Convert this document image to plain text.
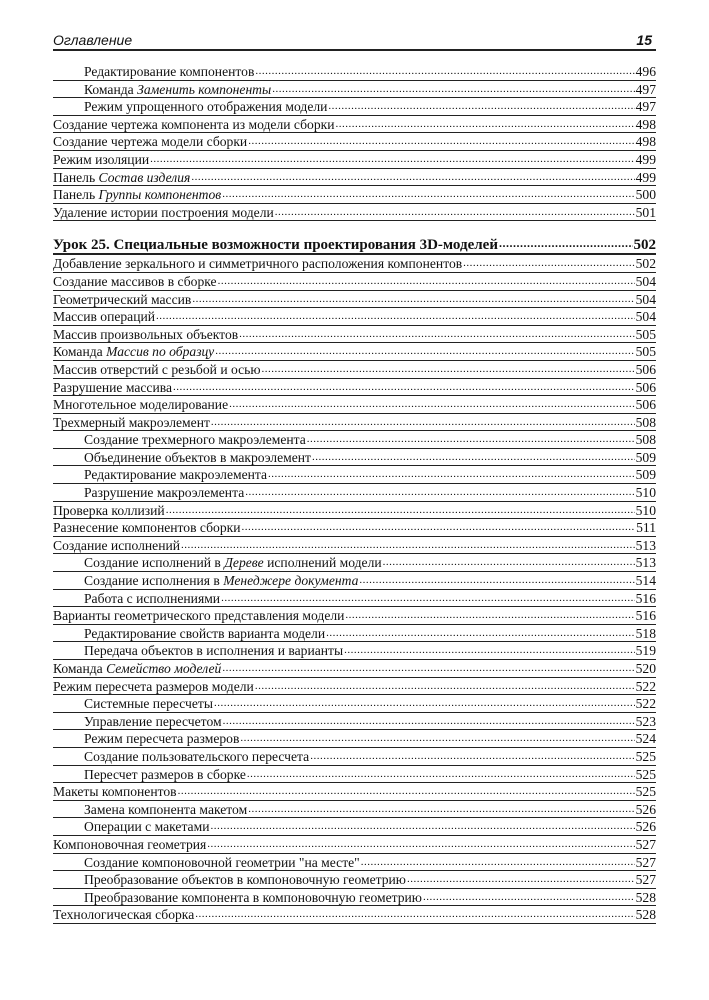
Оглавление	15
Редактирование компонентов .....	496
Команда Заменить компоненты .....	497
Режим упрощенного отображения модели .....	497
Создание чертежа компонента из модели сборки .....	498
Создание чертежа модели сборки .....	498
Режим изоляции .....	499
Панель Состав изделия .....	499
Панель Группы компонентов .....	500
Удаление истории построения модели .....	501
Урок 25. Специальные возможности проектирования 3D-моделей .....	502
Добавление зеркального и симметричного расположения компонентов .....	502
Создание массивов в сборке .....	504
Геометрический массив .....	504
Массив операций .....	504
Массив произвольных объектов .....	505
Команда Массив по образцу .....	505
Массив отверстий с резьбой и осью .....	506
Разрушение массива .....	506
Многотельное моделирование .....	506
Трехмерный макроэлемент .....	508
Создание трехмерного макроэлемента .....	508
Объединение объектов в макроэлемент .....	509
Редактирование макроэлемента .....	509
Разрушение макроэлемента .....	510
Проверка коллизий .....	510
Разнесение компонентов сборки .....	511
Создание исполнений .....	513
Создание исполнений в Дереве исполнений модели .....	513
Создание исполнения в Менеджере документа .....	514
Работа с исполнениями .....	516
Варианты геометрического представления модели .....	516
Редактирование свойств варианта модели .....	518
Передача объектов в исполнения и варианты .....	519
Команда Семейство моделей .....	520
Режим пересчета размеров модели .....	522
Системные пересчеты .....	522
Управление пересчетом .....	523
Режим пересчета размеров .....	524
Создание пользовательского пересчета .....	525
Пересчет размеров в сборке .....	525
Макеты компонентов .....	525
Замена компонента макетом .....	526
Операции с макетами .....	526
Компоновочная геометрия .....	527
Создание компоновочной геометрии "на месте" .....	527
Преобразование объектов в компоновочную геометрию .....	527
Преобразование компонента в компоновочную геометрию .....	528
Технологическая сборка .....	528
